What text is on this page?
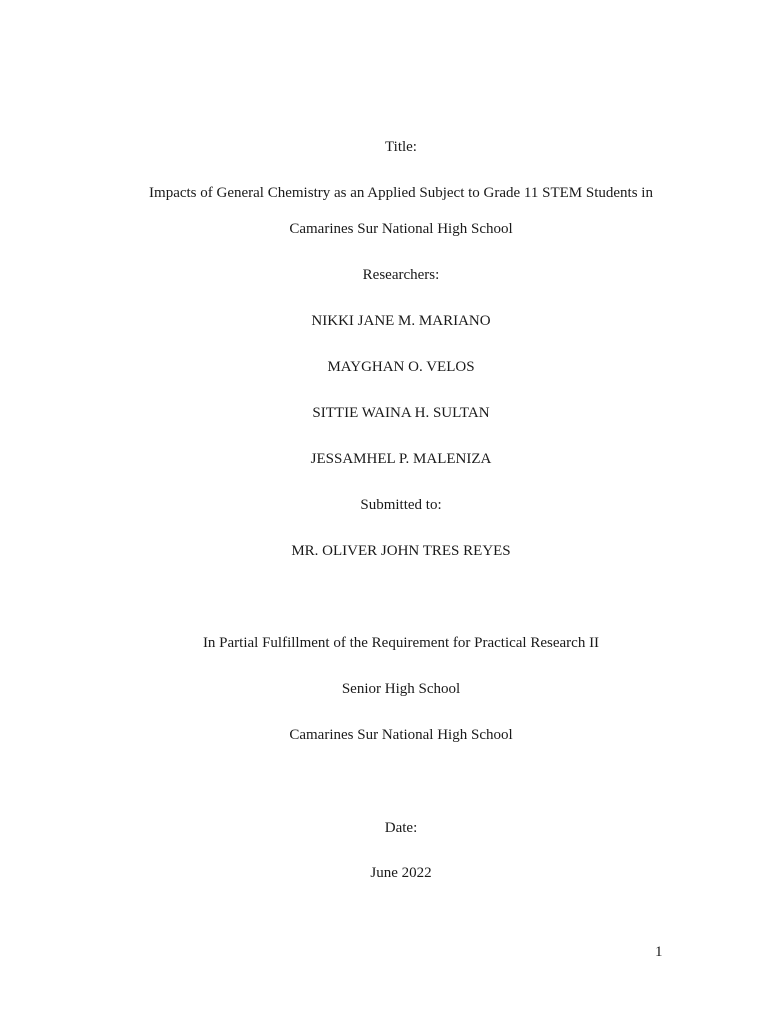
Title:
Impacts of General Chemistry as an Applied Subject to Grade 11 STEM Students in
Camarines Sur National High School
Researchers:
NIKKI JANE M. MARIANO
MAYGHAN O. VELOS
SITTIE WAINA H. SULTAN
JESSAMHEL P. MALENIZA
Submitted to:
MR. OLIVER JOHN TRES REYES
In Partial Fulfillment of the Requirement for Practical Research II
Senior High School
Camarines Sur National High School
Date:
June 2022
1
